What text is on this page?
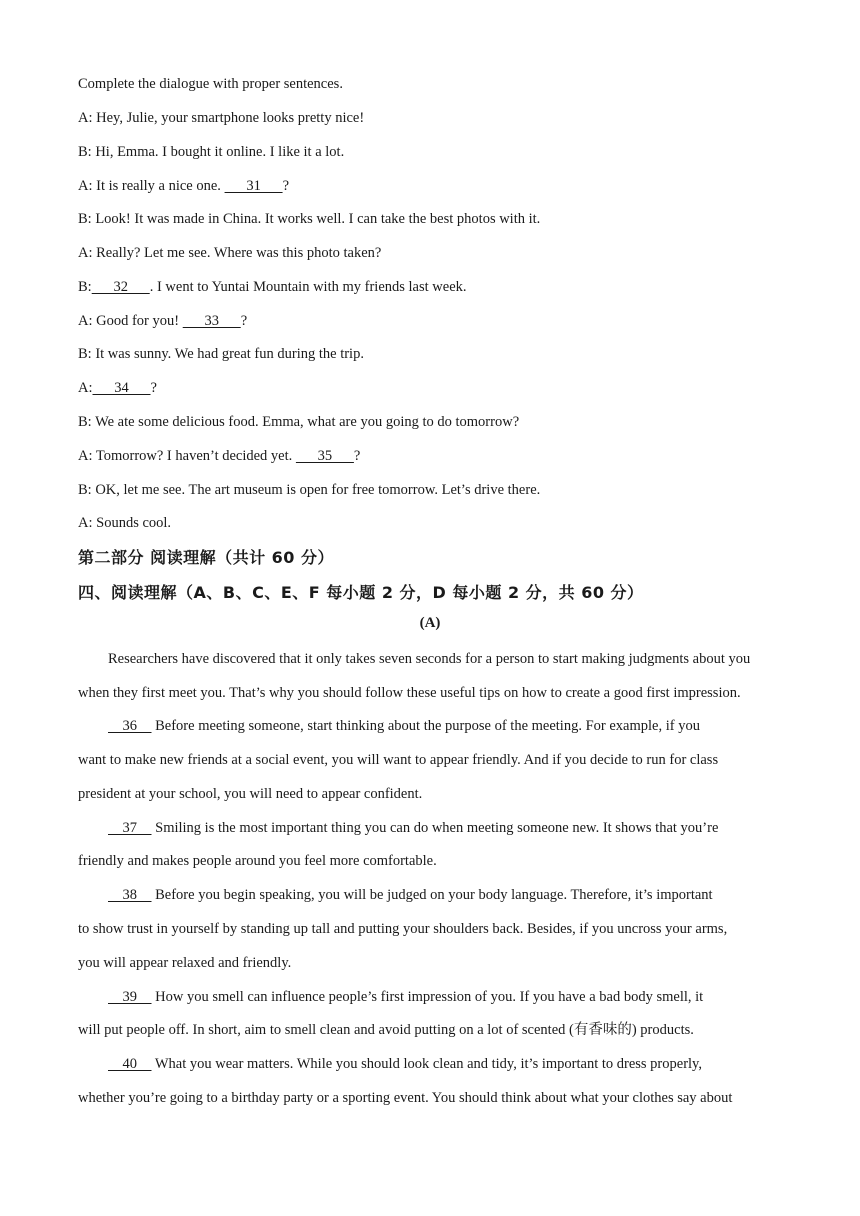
Complete the dialogue with proper sentences.
A: Hey, Julie, your smartphone looks pretty nice!
B: Hi, Emma. I bought it online. I like it a lot.
A: It is really a nice one.       31      ?
B: Look! It was made in China. It works well. I can take the best photos with it.
A: Really? Let me see. Where was this photo taken?
B:      32      . I went to Yuntai Mountain with my friends last week.
A: Good for you!       33      ?
B: It was sunny. We had great fun during the trip.
A:      34      ?
B: We ate some delicious food. Emma, what are you going to do tomorrow?
A: Tomorrow? I haven’t decided yet.       35      ?
B: OK, let me see. The art museum is open for free tomorrow. Let’s drive there.
A: Sounds cool.
第二部分 阅读理解（共计 60 分）
四、阅读理解（A、B、C、E、F 每小题 2 分，D 每小题 2 分，共 60 分）
(A)
Researchers have discovered that it only takes seven seconds for a person to start making judgments about you
when they first meet you. That’s why you should follow these useful tips on how to create a good first impression.
36     Before meeting someone, start thinking about the purpose of the meeting. For example, if you
want to make new friends at a social event, you will want to appear friendly. And if you decide to run for class
president at your school, you will need to appear confident.
37     Smiling is the most important thing you can do when meeting someone new. It shows that you’re
friendly and makes people around you feel more comfortable.
38     Before you begin speaking, you will be judged on your body language. Therefore, it’s important
to show trust in yourself by standing up tall and putting your shoulders back. Besides, if you uncross your arms,
you will appear relaxed and friendly.
39     How you smell can influence people’s first impression of you. If you have a bad body smell, it
will put people off. In short, aim to smell clean and avoid putting on a lot of scented (有香味的) products.
40     What you wear matters. While you should look clean and tidy, it’s important to dress properly,
whether you’re going to a birthday party or a sporting event. You should think about what your clothes say about
